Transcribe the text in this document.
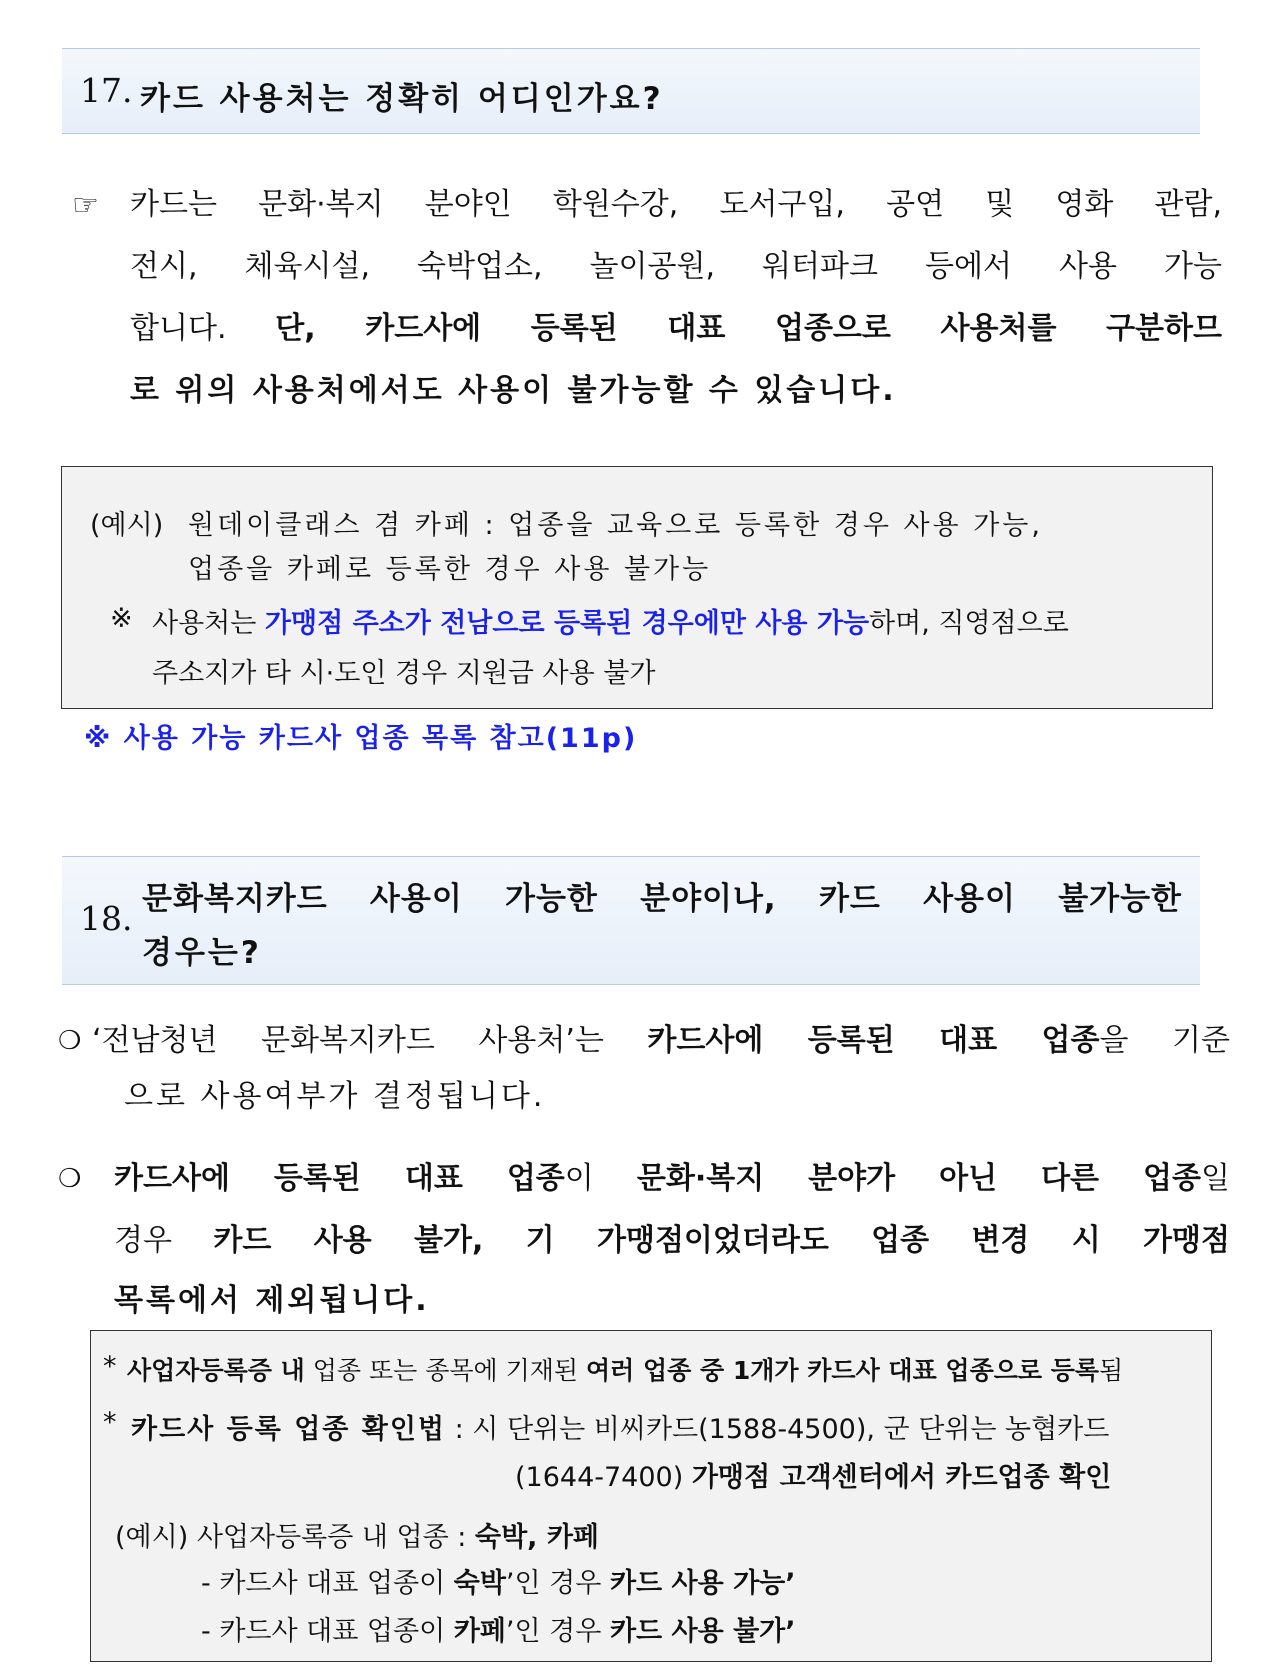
17. 카드 사용처는 정확히 어디인가요?
☞ 카드는 문화·복지 분야인 학원수강, 도서구입, 공연 및 영화 관람,
전시, 체육시설, 숙박업소, 놀이공원, 워터파크 등에서 사용 가능
합니다. 단, 카드사에 등록된 대표 업종으로 사용처를 구분하므
로 위의 사용처에서도 사용이 불가능할 수 있습니다.
(예시) 원데이클래스 겸 카페 : 업종을 교육으로 등록한 경우 사용 가능,
업종을 카페로 등록한 경우 사용 불가능
※ 사용처는 가맹점 주소가 전남으로 등록된 경우에만 사용 가능하며, 직영점으로
주소지가 타 시·도인 경우 지원금 사용 불가
※ 사용 가능 카드사 업종 목록 참고(11p)
18. 문화복지카드 사용이 가능한 분야이나, 카드 사용이 불가능한
경우는?
❍ ‘전남청년 문화복지카드 사용처’는 카드사에 등록된 대표 업종을 기준
으로 사용여부가 결정됩니다.
❍ 카드사에 등록된 대표 업종이 문화·복지 분야가 아닌 다른 업종일
경우 카드 사용 불가, 기 가맹점이었더라도 업종 변경 시 가맹점
목록에서 제외됩니다.
* 사업자등록증 내 업종 또는 종목에 기재된 여러 업종 중 1개가 카드사 대표 업종으로 등록됨
* 카드사 등록 업종 확인법 : 시 단위는 비씨카드(1588-4500), 군 단위는 농협카드
(1644-7400) 가맹점 고객센터에서 카드업종 확인
(예시) 사업자등록증 내 업종 : 숙박, 카페
- 카드사 대표 업종이 숙박’인 경우 카드 사용 가능’
- 카드사 대표 업종이 카페’인 경우 카드 사용 불가’
